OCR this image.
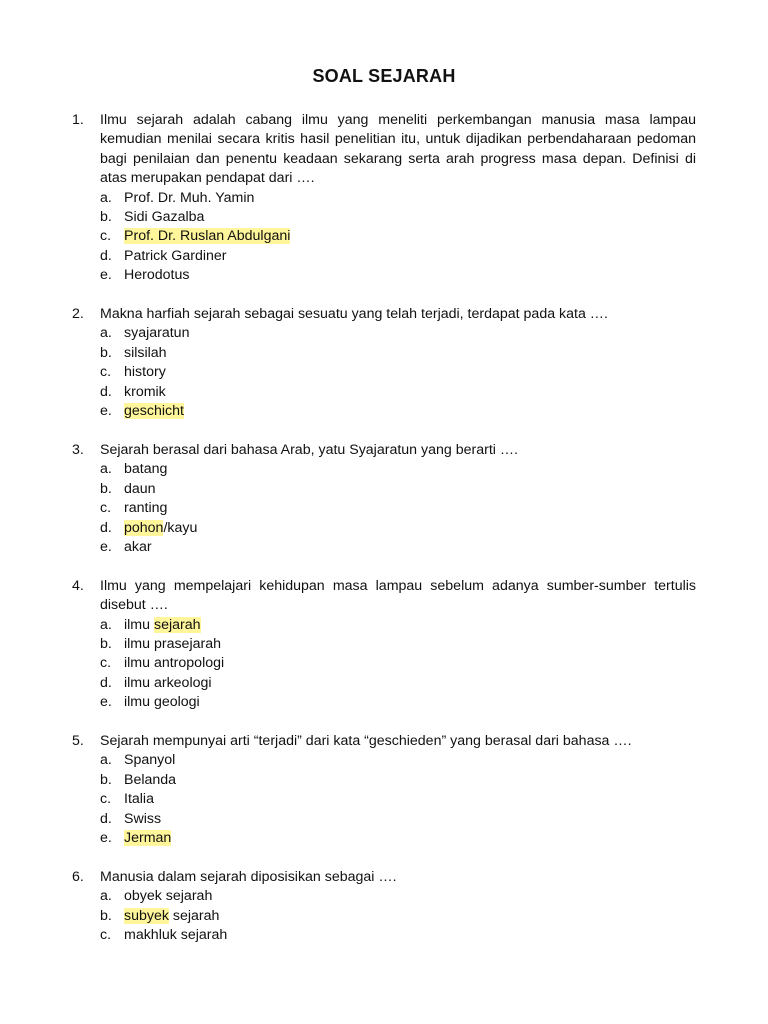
SOAL SEJARAH
1.	Ilmu sejarah adalah cabang ilmu yang meneliti perkembangan manusia masa lampau kemudian menilai secara kritis hasil penelitian itu, untuk dijadikan perbendaharaan pedoman bagi penilaian dan penentu keadaan sekarang serta arah progress masa depan. Definisi di atas merupakan pendapat dari ….
a. Prof. Dr. Muh. Yamin
b. Sidi Gazalba
c. Prof. Dr. Ruslan Abdulgani
d. Patrick Gardiner
e. Herodotus
2.	Makna harfiah sejarah sebagai sesuatu yang telah terjadi, terdapat pada kata ….
a. syajaratun
b. silsilah
c. history
d. kromik
e. geschicht
3.	Sejarah berasal dari bahasa Arab, yatu Syajaratun yang berarti ….
a. batang
b. daun
c. ranting
d. pohon/kayu
e. akar
4.	Ilmu yang mempelajari kehidupan masa lampau sebelum adanya sumber-sumber tertulis disebut ….
a. ilmu sejarah
b. ilmu prasejarah
c. ilmu antropologi
d. ilmu arkeologi
e. ilmu geologi
5.	Sejarah mempunyai arti “terjadi” dari kata “geschieden” yang berasal dari bahasa ….
a. Spanyol
b. Belanda
c. Italia
d. Swiss
e. Jerman
6.	Manusia dalam sejarah diposisikan sebagai ….
a. obyek sejarah
b. subyek sejarah
c. makhluk sejarah
